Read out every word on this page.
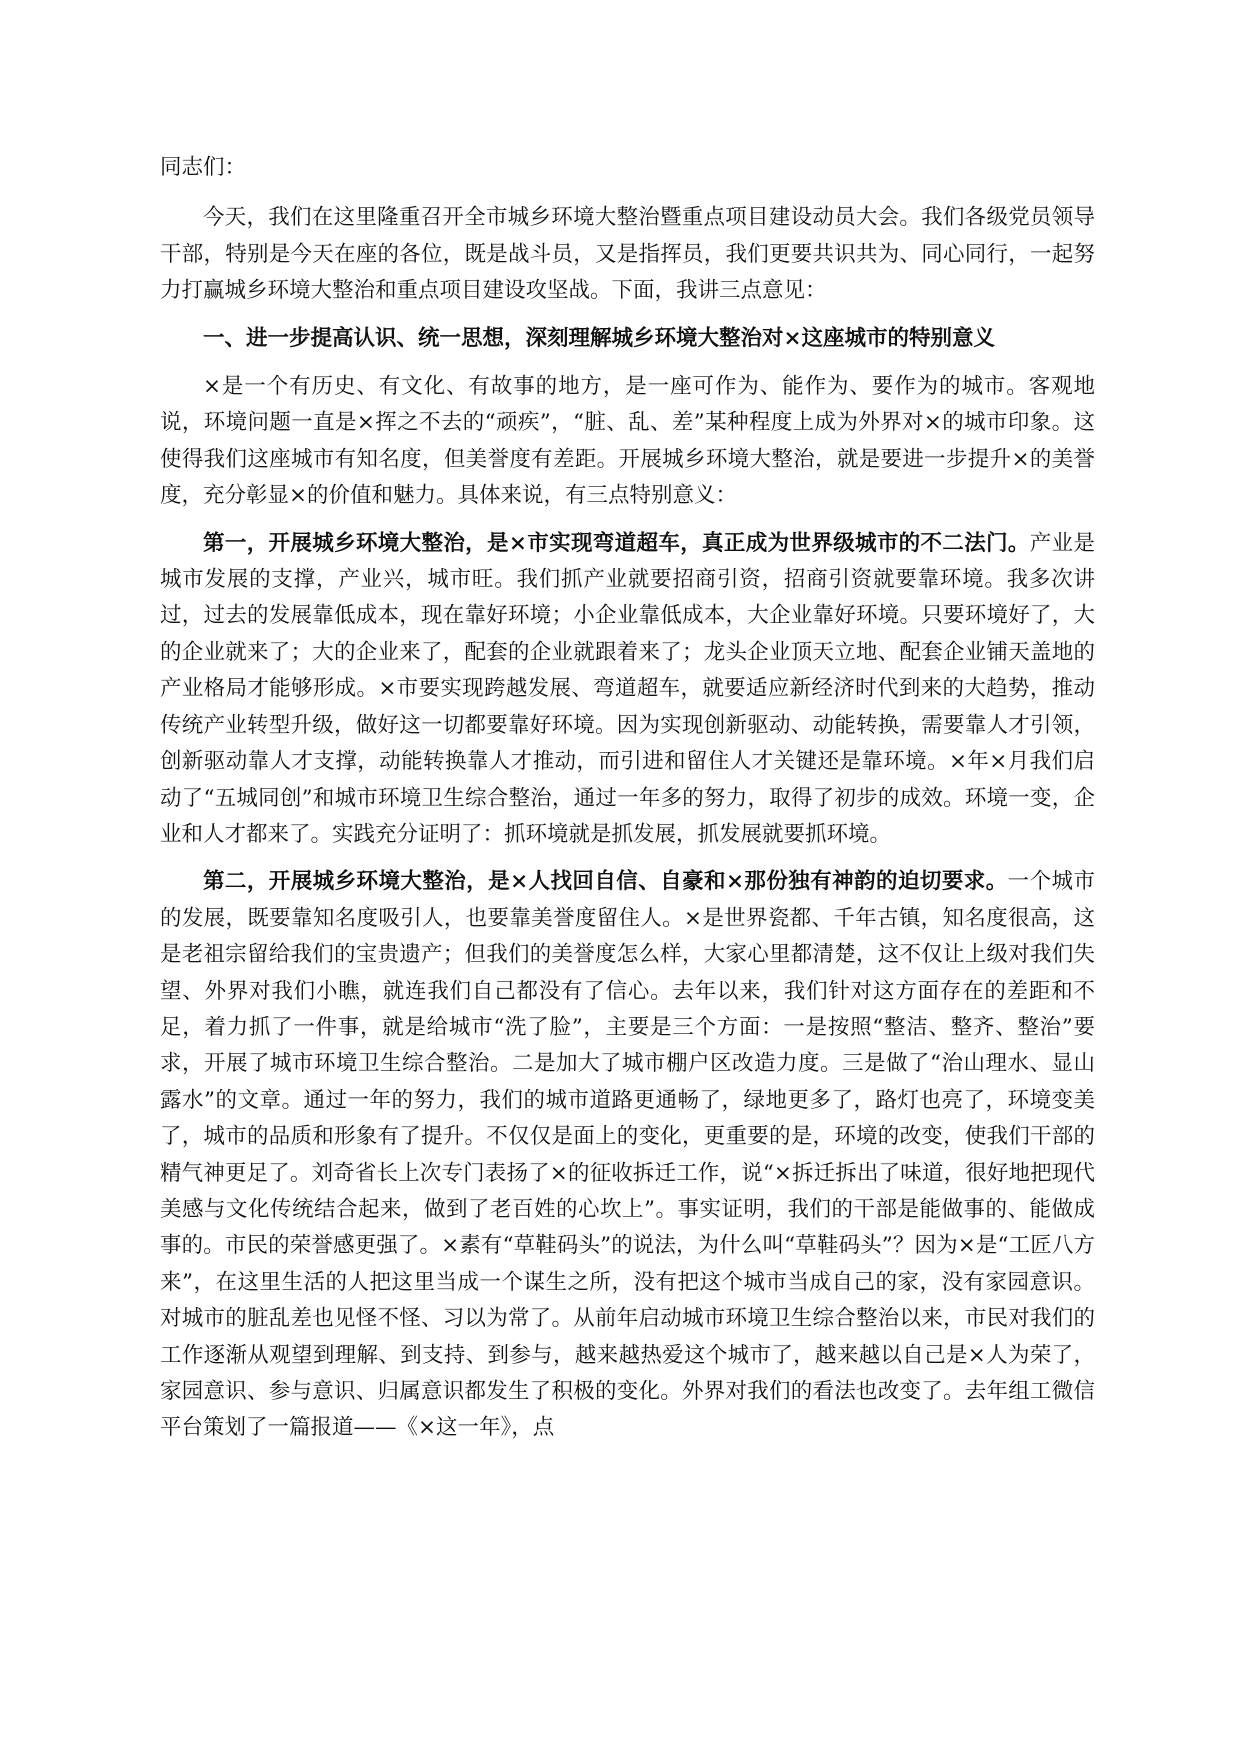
同志们：

今天，我们在这里隆重召开全市城乡环境大整治暨重点项目建设动员大会。我们各级党员领导干部，特别是今天在座的各位，既是战斗员，又是指挥员，我们更要共识共为、同心同行，一起努力打赢城乡环境大整治和重点项目建设攻坚战。下面，我讲三点意见：

一、进一步提高认识、统一思想，深刻理解城乡环境大整治对×这座城市的特别意义

×是一个有历史、有文化、有故事的地方，是一座可作为、能作为、要作为的城市。客观地说，环境问题一直是×挥之不去的“顽疾”，“脏、乱、差”某种程度上成为外界对×的城市印象。这使得我们这座城市有知名度，但美誉度有差距。开展城乡环境大整治，就是要进一步提升×的美誉度，充分彰显×的价值和魅力。具体来说，有三点特别意义：

第一，开展城乡环境大整治，是×市实现弯道超车，真正成为世界级城市的不二法门。产业是城市发展的支撑，产业兴，城市旺。我们抓产业就要招商引资，招商引资就要靠环境。我多次讲过，过去的发展靠低成本，现在靠好环境；小企业靠低成本，大企业靠好环境。只要环境好了，大的企业就来了；大的企业来了，配套的企业就跟着来了；龙头企业顶天立地、配套企业铺天盖地的产业格局才能够形成。×市要实现跨越发展、弯道超车，就要适应新经济时代到来的大趋势，推动传统产业转型升级，做好这一切都要靠好环境。因为实现创新驱动、动能转换，需要靠人才引领，创新驱动靠人才支撑，动能转换靠人才推动，而引进和留住人才关键还是靠环境。×年×月我们启动了“五城同创”和城市环境卫生综合整治，通过一年多的努力，取得了初步的成效。环境一变，企业和人才都来了。实践充分证明了：抓环境就是抓发展，抓发展就要抓环境。

第二，开展城乡环境大整治，是×人找回自信、自豪和×那份独有神韵的迫切要求。一个城市的发展，既要靠知名度吸引人，也要靠美誉度留住人。×是世界瓷都、千年古镇，知名度很高，这是老祖宗留给我们的宝贵遗产；但我们的美誉度怎么样，大家心里都清楚，这不仅让上级对我们失望、外界对我们小瞧，就连我们自己都没有了信心。去年以来，我们针对这方面存在的差距和不足，着力抓了一件事，就是给城市“洗了脸”，主要是三个方面：一是按照“整洁、整齐、整治”要求，开展了城市环境卫生综合整治。二是加大了城市棚户区改造力度。三是做了“治山理水、显山露水”的文章。通过一年的努力，我们的城市道路更通畅了，绿地更多了，路灯也亮了，环境变美了，城市的品质和形象有了提升。不仅仅是面上的变化，更重要的是，环境的改变，使我们干部的精气神更足了。刘奇省长上次专门表扬了×的征收拆迁工作，说“×拆迁拆出了味道，很好地把现代美感与文化传统结合起来，做到了老百姓的心坎上”。事实证明，我们的干部是能做事的、能做成事的。市民的荣誉感更强了。×素有“草鞋码头”的说法，为什么叫“草鞋码头”？因为×是“工匠八方来”，在这里生活的人把这里当成一个谋生之所，没有把这个城市当成自己的家，没有家园意识。对城市的脏乱差也见怪不怪、习以为常了。从前年启动城市环境卫生综合整治以来，市民对我们的工作逐渐从观望到理解、到支持、到参与，越来越热爱这个城市了，越来越以自己是×人为荣了，家园意识、参与意识、归属意识都发生了积极的变化。外界对我们的看法也改变了。去年组工微信平台策划了一篇报道——《×这一年》，点
